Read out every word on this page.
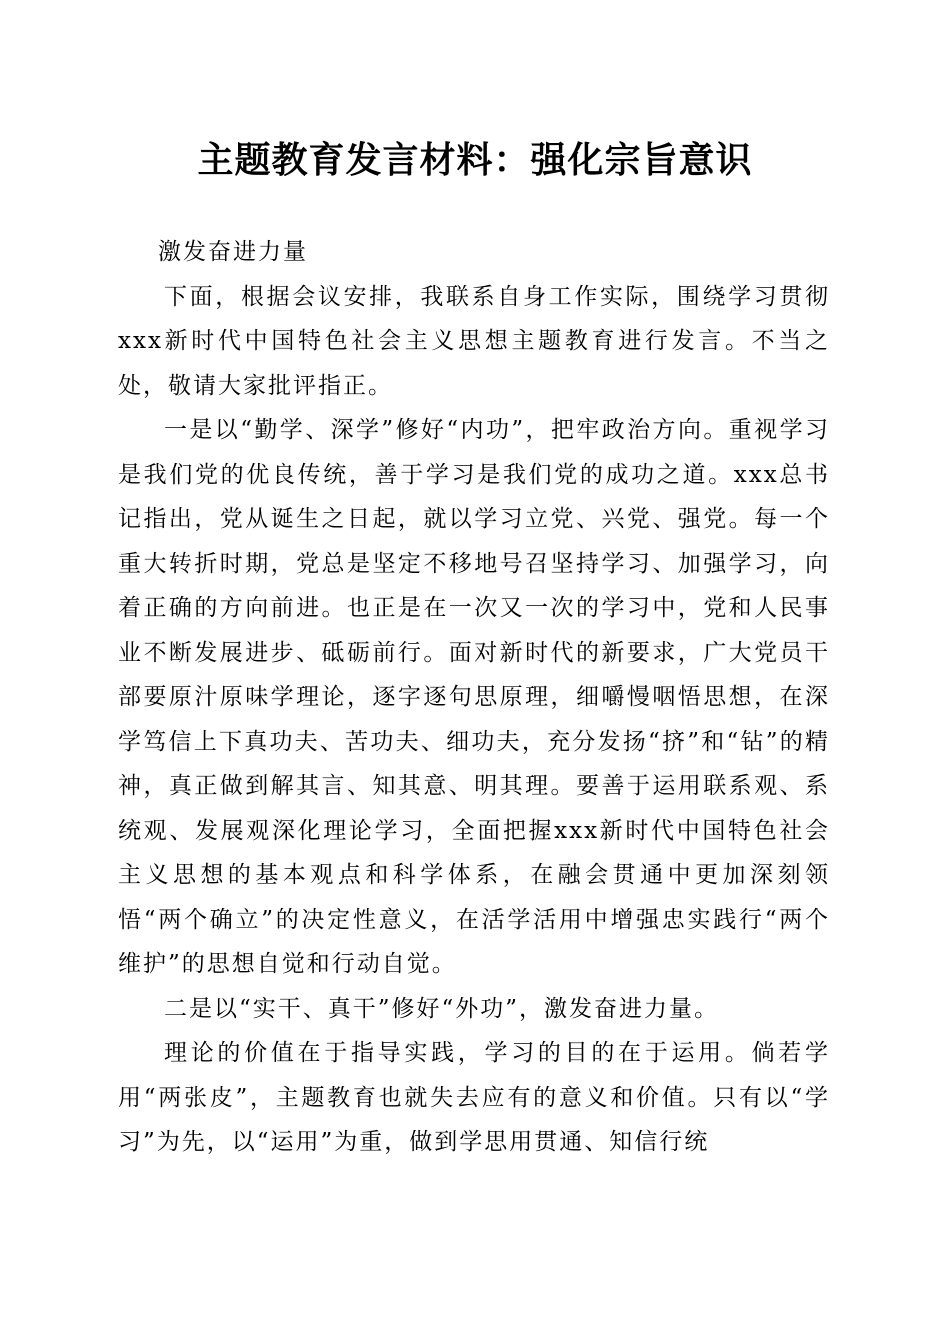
主题教育发言材料：强化宗旨意识

激发奋进力量

下面，根据会议安排，我联系自身工作实际，围绕学习贯彻xxx新时代中国特色社会主义思想主题教育进行发言。不当之处，敬请大家批评指正。

一是以“勤学、深学”修好“内功”，把牢政治方向。重视学习是我们党的优良传统，善于学习是我们党的成功之道。xxx总书记指出，党从诞生之日起，就以学习立党、兴党、强党。每一个重大转折时期，党总是坚定不移地号召坚持学习、加强学习，向着正确的方向前进。也正是在一次又一次的学习中，党和人民事业不断发展进步、砥砺前行。面对新时代的新要求，广大党员干部要原汁原味学理论，逐字逐句思原理，细嚼慢咽悟思想，在深学笃信上下真功夫、苦功夫、细功夫，充分发扬“挤”和“钻”的精神，真正做到解其言、知其意、明其理。要善于运用联系观、系统观、发展观深化理论学习，全面把握xxx新时代中国特色社会主义思想的基本观点和科学体系，在融会贯通中更加深刻领悟“两个确立”的决定性意义，在活学活用中增强忠实践行“两个维护”的思想自觉和行动自觉。

二是以“实干、真干”修好“外功”，激发奋进力量。

理论的价值在于指导实践，学习的目的在于运用。倘若学用“两张皮”，主题教育也就失去应有的意义和价值。只有以“学习”为先，以“运用”为重，做到学思用贯通、知信行统
